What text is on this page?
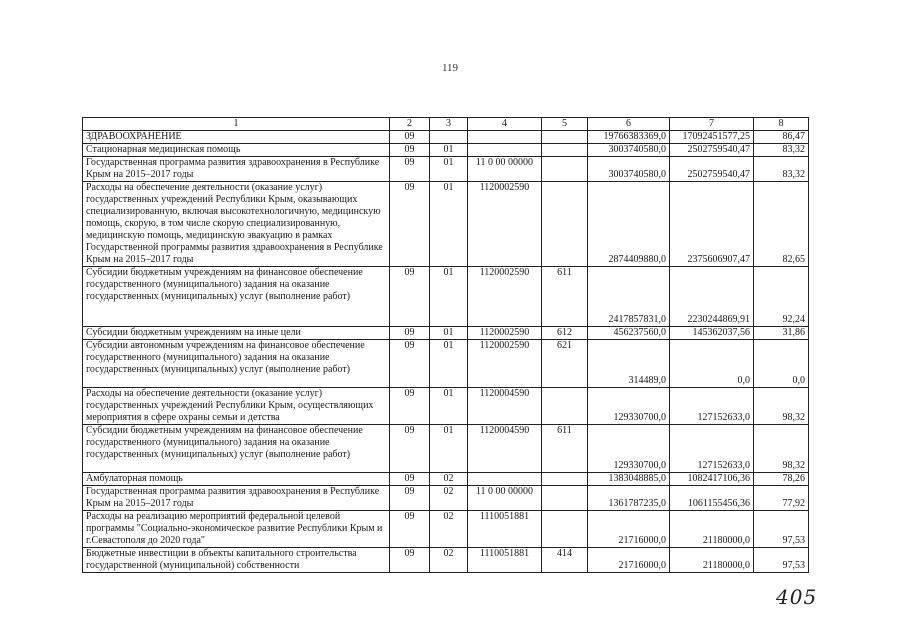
119
1	2	3	4	5	6	7	8
ЗДРАВООХРАНЕНИЕ	09				19766383369,0	17092451577,25	86,47
Стационарная медицинская помощь	09	01			3003740580,0	2502759540,47	83,32
Государственная программа развития здравоохранения в Республике Крым на 2015–2017 годы	09	01	11 0 00 00000		3003740580,0	2502759540,47	83,32
Расходы на обеспечение деятельности (оказание услуг) государственных учреждений Республики Крым, оказывающих специализированную, включая высокотехнологичную, медицинскую помощь, скорую, в том числе скорую специализированную, медицинскую помощь, медицинскую эвакуацию в рамках Государственной программы развития здравоохранения в Республике Крым на 2015–2017 годы	09	01	1120002590		2874409880,0	2375606907,47	82,65
Субсидии бюджетным учреждениям на финансовое обеспечение государственного (муниципального) задания на оказание государственных (муниципальных) услуг (выполнение работ)	09	01	1120002590	611	2417857831,0	2230244869,91	92,24
Субсидии бюджетным учреждениям на иные цели	09	01	1120002590	612	456237560,0	145362037,56	31,86
Субсидии автономным учреждениям на финансовое обеспечение государственного (муниципального) задания на оказание государственных (муниципальных) услуг (выполнение работ)	09	01	1120002590	621	314489,0	0,0	0,0
Расходы на обеспечение деятельности (оказание услуг) государственных учреждений Республики Крым, осуществляющих мероприятия в сфере охраны семьи и детства	09	01	1120004590		129330700,0	127152633,0	98,32
Субсидии бюджетным учреждениям на финансовое обеспечение государственного (муниципального) задания на оказание государственных (муниципальных) услуг (выполнение работ)	09	01	1120004590	611	129330700,0	127152633,0	98,32
Амбулаторная помощь	09	02			1383048885,0	1082417106,36	78,26
Государственная программа развития здравоохранения в Республике Крым на 2015–2017 годы	09	02	11 0 00 00000		1361787235,0	1061155456,36	77,92
Расходы на реализацию мероприятий федеральной целевой программы "Социально-экономическое развитие Республики Крым и г.Севастополя до 2020 года"	09	02	1110051881		21716000,0	21180000,0	97,53
Бюджетные инвестиции в объекты капитального строительства государственной (муниципальной) собственности	09	02	1110051881	414	21716000,0	21180000,0	97,53
405
